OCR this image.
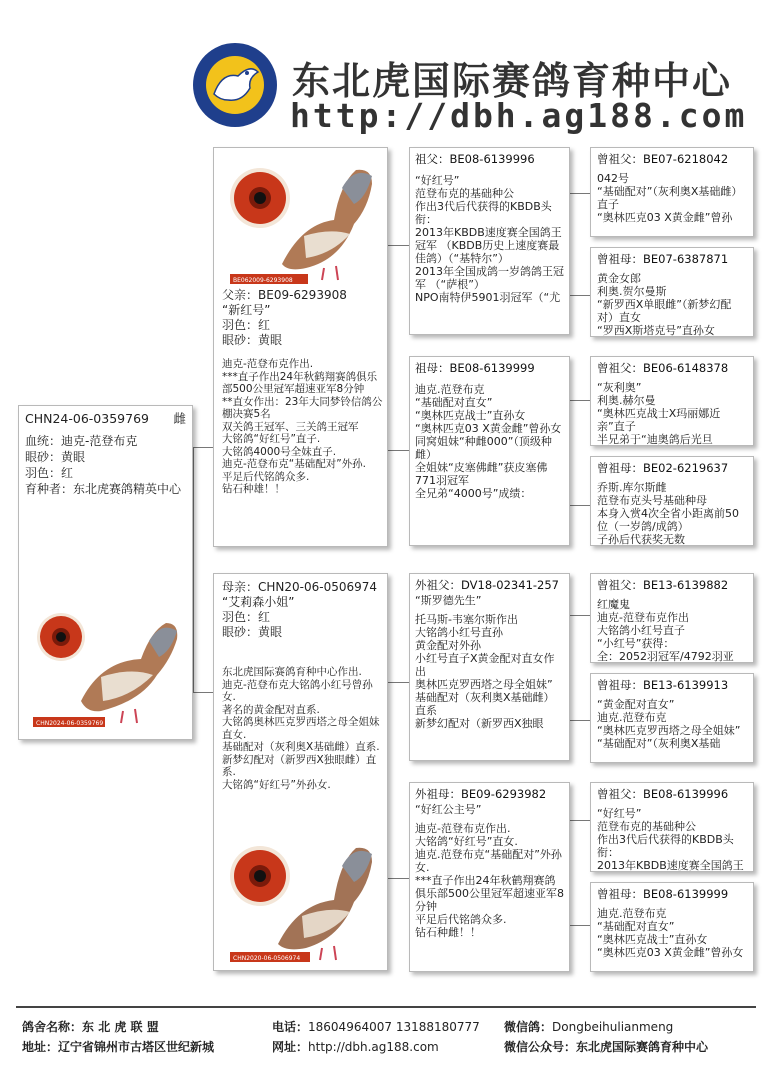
东北虎国际赛鸽育种中心
http://dbh.ag188.com
CHN24-06-0359769 雌
血统：迪克-范登布克
眼砂：黄眼
羽色：红
育种者：东北虎赛鸽精英中心
CHN2024-06-0359769
BE062009-6293908
父亲：BE09-6293908
“新红号”
羽色：红
眼砂：黄眼
迪克-范登布克作出.
***直子作出24年秋鹤翔赛鸽俱乐部500公里冠军超速亚军8分钟
**直女作出：23年大同梦铃信鸽公棚决赛5名
双关鸽王冠军、三关鸽王冠军
大铭鸽“好红号”直子.
大铭鸽4000号全妹直子.
迪克-范登布克“基础配对”外孙.
平足后代铭鸽众多.
钻石种雄！！
母亲：CHN20-06-0506974
“艾莉森小姐”
羽色：红
眼砂：黄眼
东北虎国际赛鸽育种中心作出.
迪克-范登布克大铭鸽小红号曾孙女.
著名的黄金配对直系.
大铭鸽奥林匹克罗西塔之母全姐妹直女.
基础配对（灰利奥X基础雌）直系.
新梦幻配对（新罗西X独眼雌）直系.
大铭鸽“好红号”外孙女.
CHN2020-06-0506974
祖父：BE08-6139996
“好红号”
范登布克的基础种公
作出3代后代获得的KBDB头衔：
2013年KBDB速度赛全国鸽王冠军 （KBDB历史上速度赛最佳鸽）（“基特尔”）
2013年全国成鸽一岁鸽鸽王冠军 （“萨根”）
NPO南特伊5901羽冠军（“尤
祖母：BE08-6139999
迪克.范登布克
“基础配对直女”
“奥林匹克战士”直孙女
“奥林匹克03 X黄金雌”曾孙女
同窝姐妹“种雌000”（顶级种雌）
全姐妹“皮塞佛雌”获皮塞佛771羽冠军
全兄弟“4000号”成绩：
外祖父：DV18-02341-257
“斯罗德先生”
托马斯-韦塞尔斯作出
大铭鸽小红号直孙
黄金配对外孙
小红号直子X黄金配对直女作出
奥林匹克罗西塔之母全姐妹”
基础配对（灰利奥X基础雌）直系
新梦幻配对（新罗西X独眼
外祖母：BE09-6293982
“好红公主号”
迪克-范登布克作出.
大铭鸽“好红号”直女.
迪克.范登布克“基础配对”外孙女.
***直子作出24年秋鹤翔赛鸽俱乐部500公里冠军超速亚军8分钟
平足后代铭鸽众多.
钻石种雌！！
曾祖父：BE07-6218042
042号
“基础配对”（灰利奥X基础雌）直子
“奥林匹克03 X黄金雌”曾孙
曾祖母：BE07-6387871
黄金女郎
利奥.贺尔曼斯
“新罗西X单眼雌”（新梦幻配对）直女
“罗西X斯塔克号”直孙女
曾祖父：BE06-6148378
“灰利奥”
利奥.赫尔曼
“奥林匹克战士X玛丽娜近亲”直子
半兄弟于“迪奥鸽后光旦
曾祖母：BE02-6219637
乔斯.库尔斯雌
范登布克头号基础种母
本身入赏4次全省小距离前50位（一岁鸽/成鸽）
子孙后代获奖无数
曾祖父：BE13-6139882
红魔鬼
迪克-范登布克作出
大铭鸽小红号直子
“小红号”获得：
全：2052羽冠军/4792羽亚
曾祖母：BE13-6139913
“黄金配对直女”
迪克.范登布克
“奥林匹克罗西塔之母全姐妹”
“基础配对”（灰利奥X基础
曾祖父：BE08-6139996
“好红号”
范登布克的基础种公
作出3代后代获得的KBDB头衔：
2013年KBDB速度赛全国鸽王
曾祖母：BE08-6139999
迪克.范登布克
“基础配对直女”
“奥林匹克战士”直孙女
“奥林匹克03 X黄金雌”曾孙女
鸽舍名称：东 北 虎 联 盟	电话：18604964007 13188180777 微信鸽：Dongbeihulianmeng
地址：辽宁省锦州市古塔区世纪新城	网址：http://dbh.ag188.com	微信公众号：东北虎国际赛鸽育种中心
